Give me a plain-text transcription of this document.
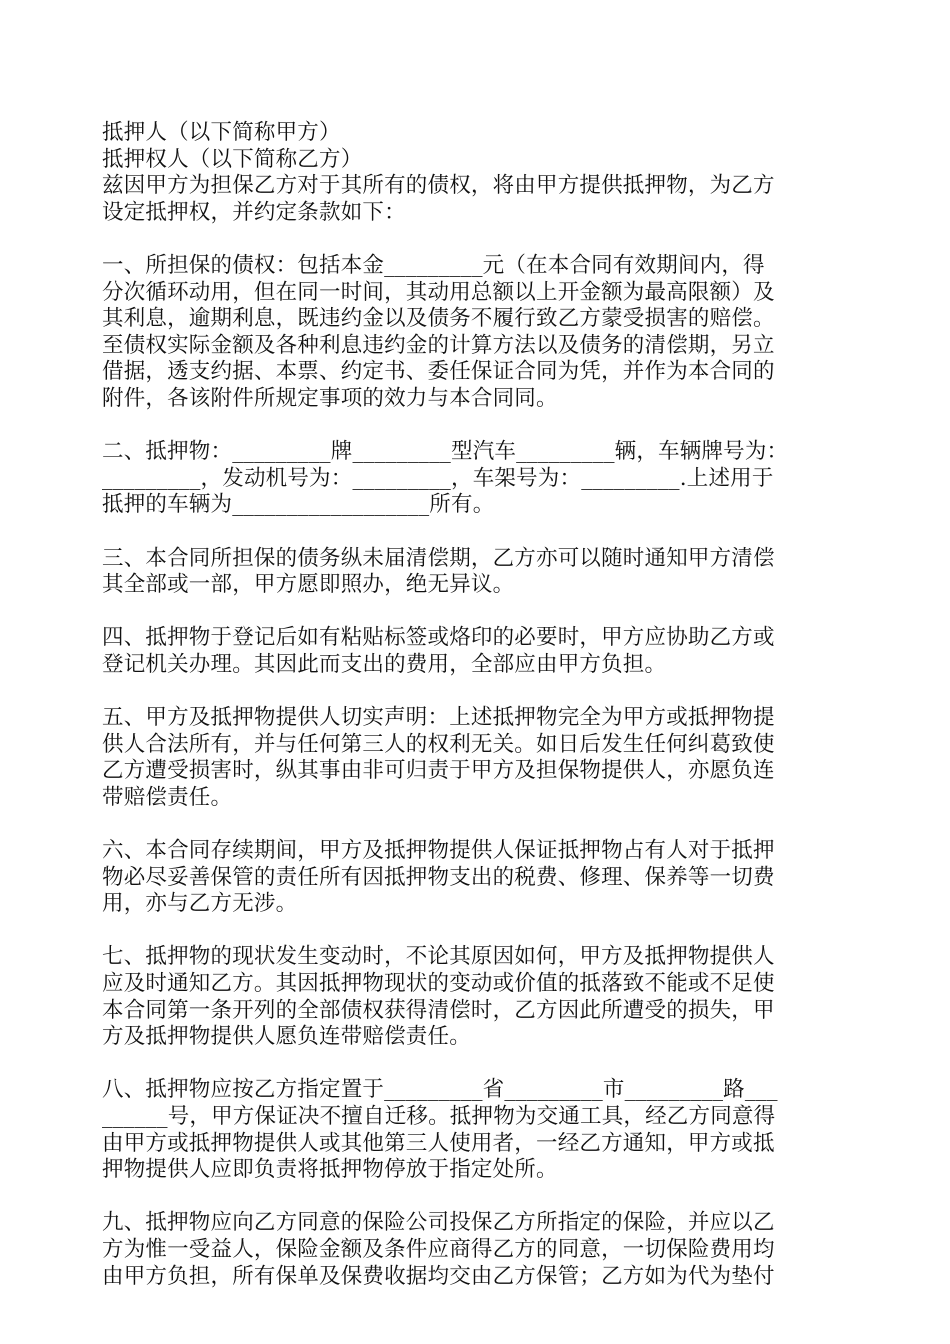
抵押人（以下简称甲方）
抵押权人（以下简称乙方）
兹因甲方为担保乙方对于其所有的债权，将由甲方提供抵押物，为乙方
设定抵押权，并约定条款如下：
一、所担保的债权：包括本金_________元（在本合同有效期间内，得
分次循环动用，但在同一时间，其动用总额以上开金额为最高限额）及
其利息，逾期利息，既违约金以及债务不履行致乙方蒙受损害的赔偿。
至债权实际金额及各种利息违约金的计算方法以及债务的清偿期，另立
借据，透支约据、本票、约定书、委任保证合同为凭，并作为本合同的
附件，各该附件所规定事项的效力与本合同同。
二、抵押物：_________牌_________型汽车_________辆，车辆牌号为：
_________，发动机号为：_________，车架号为：_________.上述用于
抵押的车辆为__________________所有。
三、本合同所担保的债务纵未届清偿期，乙方亦可以随时通知甲方清偿
其全部或一部，甲方愿即照办，绝无异议。
四、抵押物于登记后如有粘贴标签或烙印的必要时，甲方应协助乙方或
登记机关办理。其因此而支出的费用，全部应由甲方负担。
五、甲方及抵押物提供人切实声明：上述抵押物完全为甲方或抵押物提
供人合法所有，并与任何第三人的权利无关。如日后发生任何纠葛致使
乙方遭受损害时，纵其事由非可归责于甲方及担保物提供人，亦愿负连
带赔偿责任。
六、本合同存续期间，甲方及抵押物提供人保证抵押物占有人对于抵押
物必尽妥善保管的责任所有因抵押物支出的税费、修理、保养等一切费
用，亦与乙方无涉。
七、抵押物的现状发生变动时，不论其原因如何，甲方及抵押物提供人
应及时通知乙方。其因抵押物现状的变动或价值的抵落致不能或不足使
本合同第一条开列的全部债权获得清偿时，乙方因此所遭受的损失，甲
方及抵押物提供人愿负连带赔偿责任。
八、抵押物应按乙方指定置于_________省_________市_________路___
______号，甲方保证决不擅自迁移。抵押物为交通工具，经乙方同意得
由甲方或抵押物提供人或其他第三人使用者，一经乙方通知，甲方或抵
押物提供人应即负责将抵押物停放于指定处所。
九、抵押物应向乙方同意的保险公司投保乙方所指定的保险，并应以乙
方为惟一受益人，保险金额及条件应商得乙方的同意，一切保险费用均
由甲方负担，所有保单及保费收据均交由乙方保管；乙方如为代为垫付
